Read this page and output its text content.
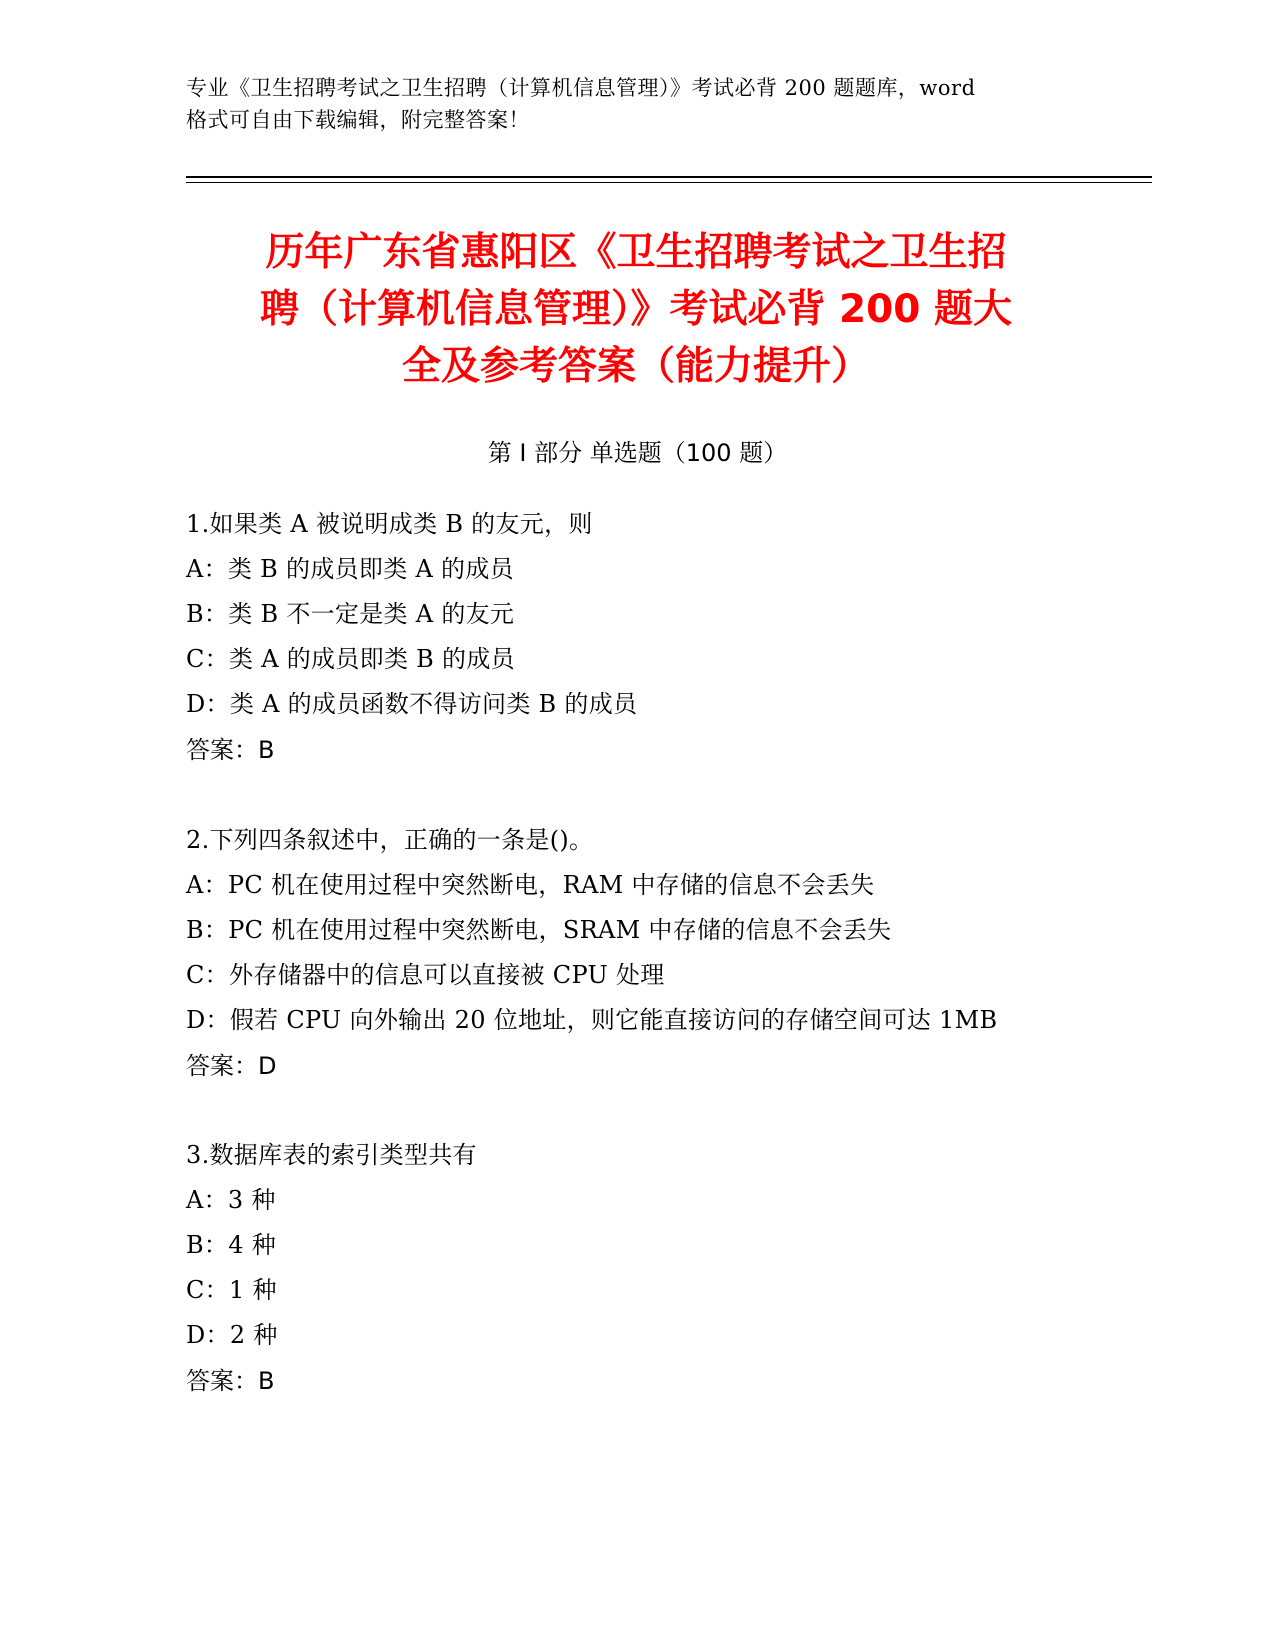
专业《卫生招聘考试之卫生招聘（计算机信息管理）》考试必背 200 题题库，word
格式可自由下载编辑，附完整答案！
历年广东省惠阳区《卫生招聘考试之卫生招
聘（计算机信息管理）》考试必背 200 题大
全及参考答案（能力提升）
第 I 部分 单选题（100 题）
1.如果类 A 被说明成类 B 的友元，则
A：类 B 的成员即类 A 的成员
B：类 B 不一定是类 A 的友元
C：类 A 的成员即类 B 的成员
D：类 A 的成员函数不得访问类 B 的成员
答案：B
2.下列四条叙述中，正确的一条是()。
A：PC 机在使用过程中突然断电，RAM 中存储的信息不会丢失
B：PC 机在使用过程中突然断电，SRAM 中存储的信息不会丢失
C：外存储器中的信息可以直接被 CPU 处理
D：假若 CPU 向外输出 20 位地址，则它能直接访问的存储空间可达 1MB
答案：D
3.数据库表的索引类型共有
A：3 种
B：4 种
C：1 种
D：2 种
答案：B
